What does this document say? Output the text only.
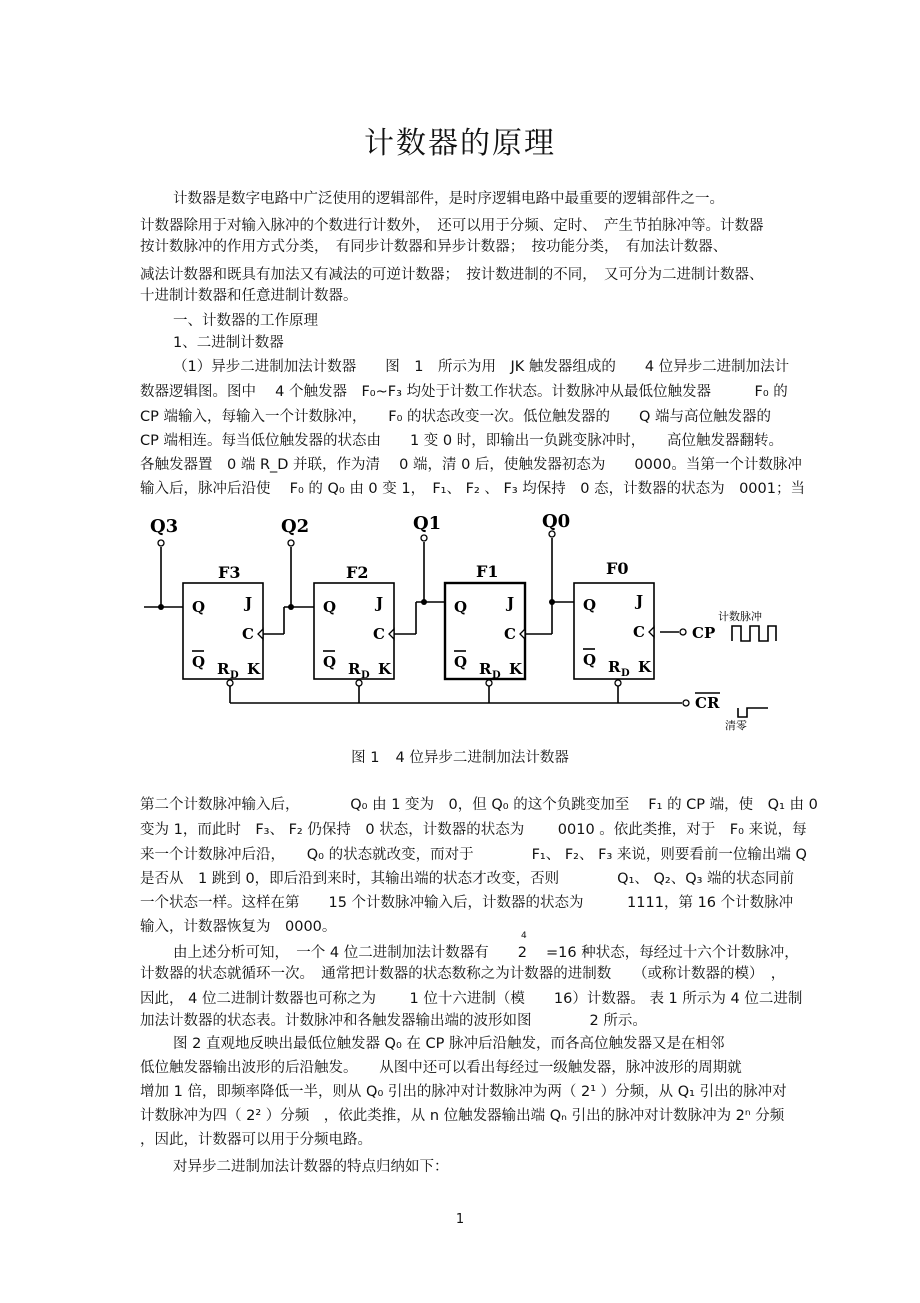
计数器的原理
计数器是数字电路中广泛使用的逻辑部件，是时序逻辑电路中最重要的逻辑部件之一。
计数器除用于对输入脉冲的个数进行计数外，　还可以用于分频、定时、　产生节拍脉冲等。计数器
按计数脉冲的作用方式分类，　有同步计数器和异步计数器；　按功能分类，　有加法计数器、
减法计数器和既具有加法又有减法的可逆计数器；　按计数进制的不同，　又可分为二进制计数器、
十进制计数器和任意进制计数器。
一、计数器的工作原理
1、二进制计数器
（1）异步二进制加法计数器　　图　1　所示为用　JK 触发器组成的　　4 位异步二进制加法计
数器逻辑图。图中　 4 个触发器　F₀~F₃ 均处于计数工作状态。计数脉冲从最低位触发器　　　F₀ 的
CP 端输入，每输入一个计数脉冲，　　F₀ 的状态改变一次。低位触发器的　　Q 端与高位触发器的
CP 端相连。每当低位触发器的状态由　　1 变 0 时，即输出一负跳变脉冲时，　　高位触发器翻转。
各触发器置　0 端 R_D 并联，作为清　 0 端，清 0 后，使触发器初态为　　0000。当第一个计数脉冲
输入后，脉冲后沿使　 F₀ 的 Q₀ 由 0 变 1，　F₁、 F₂ 、 F₃ 均保持　0 态，计数器的状态为　0001；当
Q3	Q2	Q1	Q0
F3	F2	F1	F0
Q	J
C
Q R D K
Q	J
C
Q R D K
Q	J
C
Q R D K
Q	J
C
Q R D K
CP
计数脉冲
CR
清零
图 1 4 位异步二进制加法计数器
第二个计数脉冲输入后，　　　　Q₀ 由 1 变为　0，但 Q₀ 的这个负跳变加至　 F₁ 的 CP 端，使　Q₁ 由 0
变为 1，而此时　F₃、 F₂ 仍保持　0 状态，计数器的状态为　　 0010 。依此类推，对于　F₀ 来说，每
来一个计数脉冲后沿，　　Q₀ 的状态就改变，而对于　　　　F₁、 F₂、 F₃ 来说，则要看前一位输出端 Q
是否从　1 跳到 0，即后沿到来时，其输出端的状态才改变，否则　　　　Q₁、 Q₂、Q₃ 端的状态同前
一个状态一样。这样在第　　15 个计数脉冲输入后，计数器的状态为　　　1111，第 16 个计数脉冲
输入，计数器恢复为　0000。
由上述分析可知，　一个 4 位二进制加法计数器有　　2　 =16 种状态，每经过十六个计数脉冲，
4
计数器的状态就循环一次。　通常把计数器的状态数称之为计数器的进制数　　（或称计数器的模）　，
因此， 4 位二进制计数器也可称之为　　 1 位十六进制（模　　16）计数器。 表 1 所示为 4 位二进制
加法计数器的状态表。计数脉冲和各触发器输出端的波形如图　　　　2 所示。
图 2 直观地反映出最低位触发器 Q₀ 在 CP 脉冲后沿触发，而各高位触发器又是在相邻
低位触发器输出波形的后沿触发。　　从图中还可以看出每经过一级触发器，脉冲波形的周期就
增加 1 倍，即频率降低一半，则从 Q₀ 引出的脉冲对计数脉冲为两（ 2¹ ）分频，从 Q₁ 引出的脉冲对
计数脉冲为四（ 2² ）分频　，依此类推，从 n 位触发器输出端 Qₙ 引出的脉冲对计数脉冲为 2ⁿ 分频
，因此，计数器可以用于分频电路。
对异步二进制加法计数器的特点归纳如下：
1
